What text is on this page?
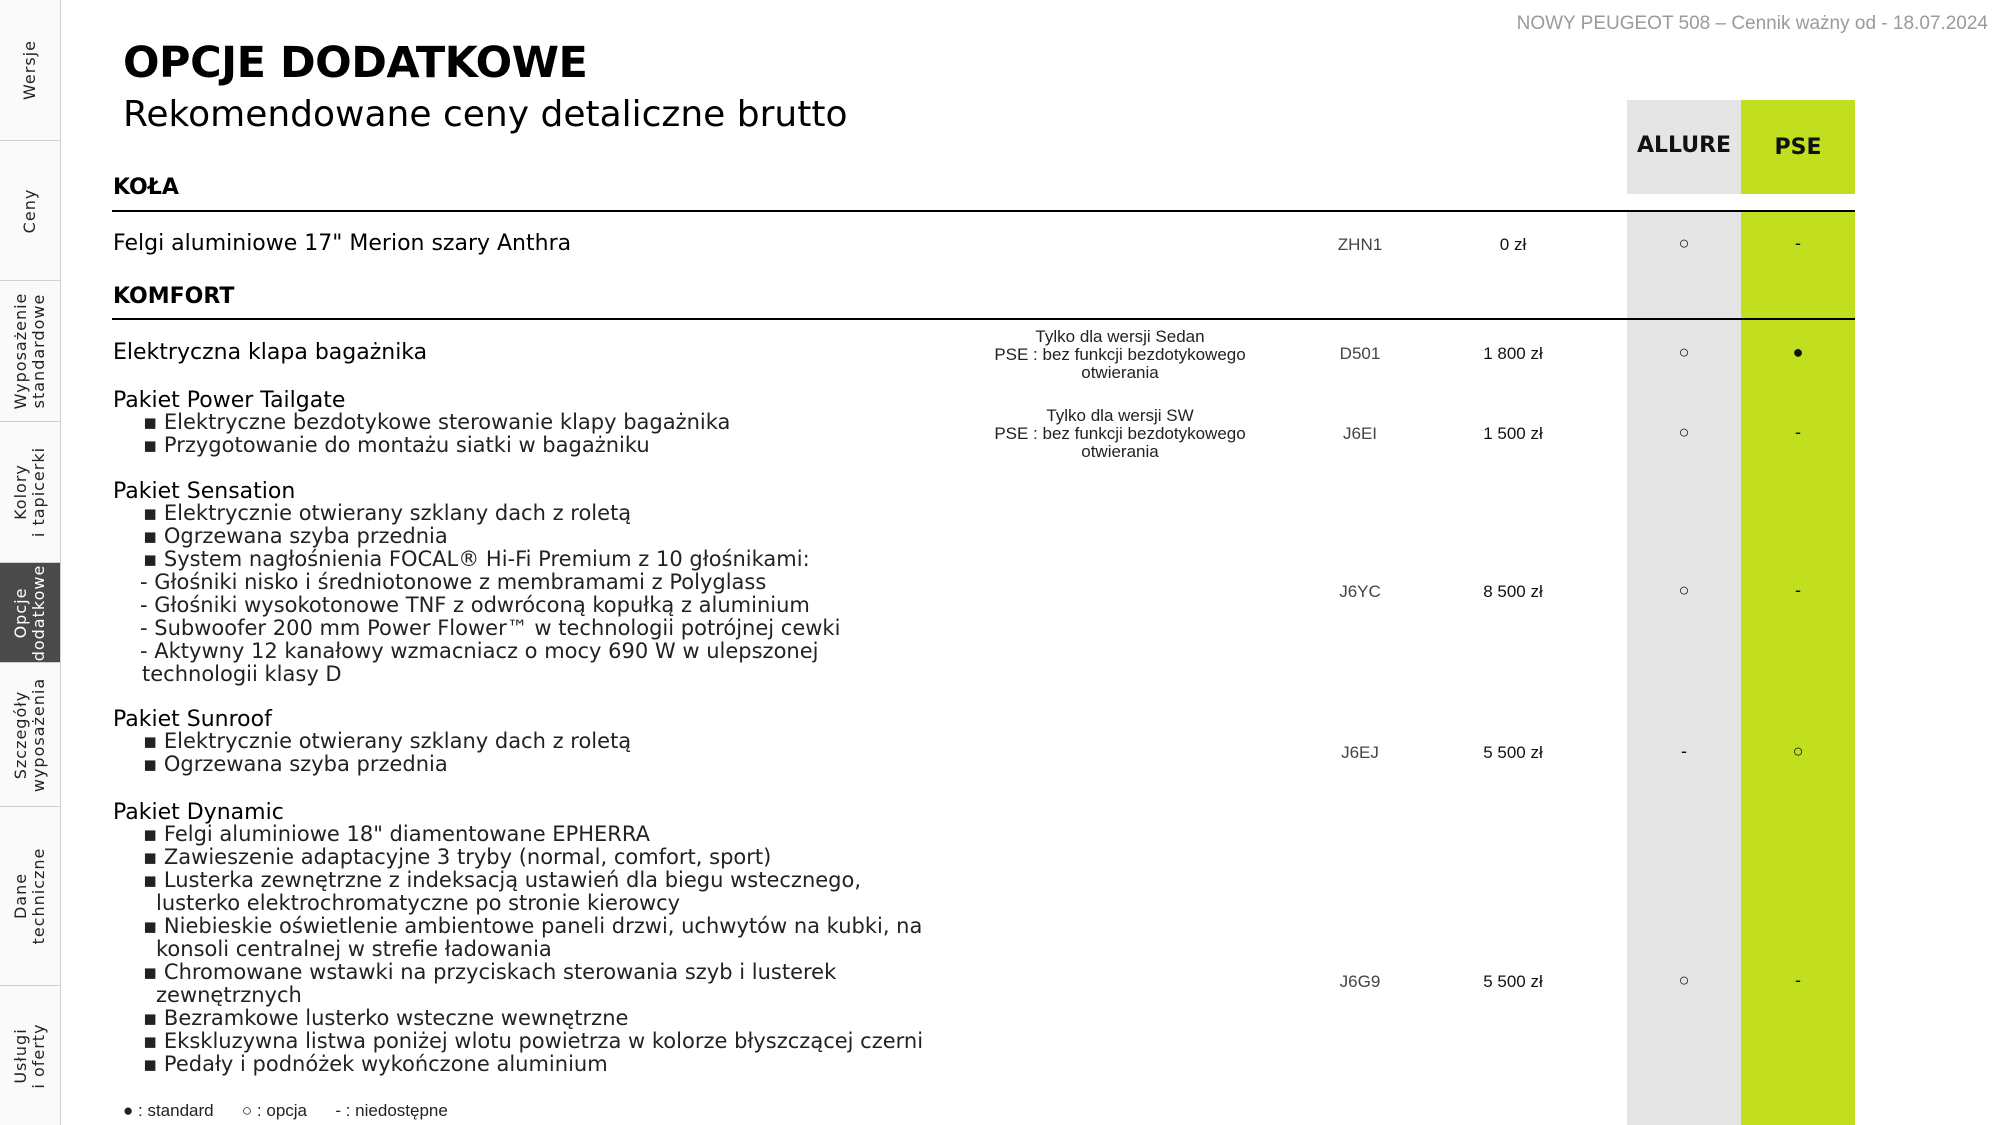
Wersje
Ceny
Wyposażenie
standardowe
Kolory
i tapicerki
Opcje
dodatkowe
Szczegóły
wyposażenia
Dane
techniczne
Usługi
i oferty
NOWY PEUGEOT 508 – Cennik ważny od - 18.07.2024
OPCJE DODATKOWE
Rekomendowane ceny detaliczne brutto
ALLURE	PSE
KOŁA
Felgi aluminiowe 17" Merion szary Anthra	ZHN1	0 zł	○	-
KOMFORT
Elektryczna klapa bagażnika
Tylko dla wersji Sedan
PSE : bez funkcji bezdotykowego
otwierania
D501	1 800 zł	○	●
Pakiet Power Tailgate
▪ Elektryczne bezdotykowe sterowanie klapy bagażnika
▪ Przygotowanie do montażu siatki w bagażniku
Tylko dla wersji SW
PSE : bez funkcji bezdotykowego
otwierania
J6EI	1 500 zł	○	-
Pakiet Sensation
▪ Elektrycznie otwierany szklany dach z roletą
▪ Ogrzewana szyba przednia
▪ System nagłośnienia FOCAL® Hi-Fi Premium z 10 głośnikami:
- Głośniki nisko i średniotonowe z membramami z Polyglass
- Głośniki wysokotonowe TNF z odwróconą kopułką z aluminium
- Subwoofer 200 mm Power Flower™ w technologii potrójnej cewki
- Aktywny 12 kanałowy wzmacniacz o mocy 690 W w ulepszonej
technologii klasy D
J6YC	8 500 zł	○	-
Pakiet Sunroof
▪ Elektrycznie otwierany szklany dach z roletą
▪ Ogrzewana szyba przednia	J6EJ	5 500 zł	-	○
Pakiet Dynamic
▪ Felgi aluminiowe 18" diamentowane EPHERRA
▪ Zawieszenie adaptacyjne 3 tryby (normal, comfort, sport)
▪ Lusterka zewnętrzne z indeksacją ustawień dla biegu wstecznego,
lusterko elektrochromatyczne po stronie kierowcy
▪ Niebieskie oświetlenie ambientowe paneli drzwi, uchwytów na kubki, na
konsoli centralnej w strefie ładowania
▪ Chromowane wstawki na przyciskach sterowania szyb i lusterek
zewnętrznych
▪ Bezramkowe lusterko wsteczne wewnętrzne
▪ Ekskluzywna listwa poniżej wlotu powietrza w kolorze błyszczącej czerni
▪ Pedały i podnóżek wykończone aluminium
J6G9	5 500 zł	○	-
● : standard      ○ : opcja      - : niedostępne
